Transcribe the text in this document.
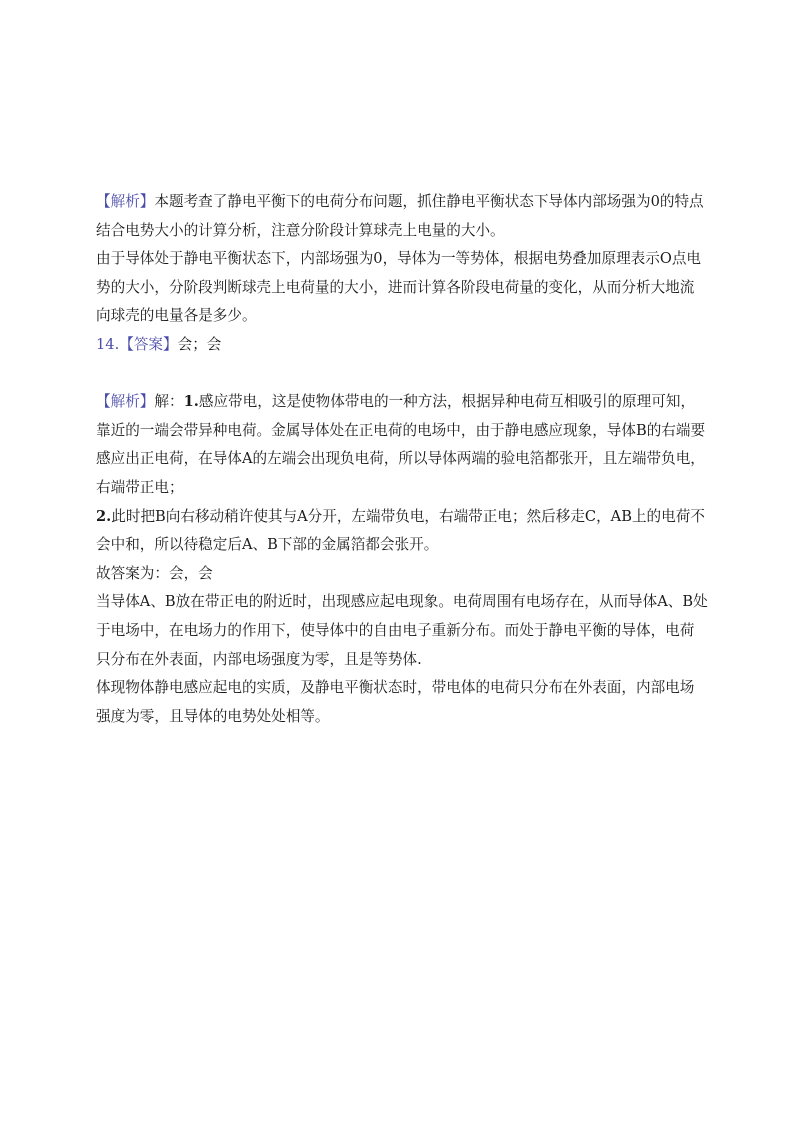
【解析】本题考查了静电平衡下的电荷分布问题，抓住静电平衡状态下导体内部场强为0的特点结合电势大小的计算分析，注意分阶段计算球壳上电量的大小。

由于导体处于静电平衡状态下，内部场强为0，导体为一等势体，根据电势叠加原理表示O点电势的大小，分阶段判断球壳上电荷量的大小，进而计算各阶段电荷量的变化，从而分析大地流向球壳的电量各是多少。

14.【答案】会；会

【解析】解：1.感应带电，这是使物体带电的一种方法，根据异种电荷互相吸引的原理可知，靠近的一端会带异种电荷。金属导体处在正电荷的电场中，由于静电感应现象，导体B的右端要感应出正电荷，在导体A的左端会出现负电荷，所以导体两端的验电箔都张开，且左端带负电，右端带正电；

2.此时把B向右移动稍许使其与A分开，左端带负电，右端带正电；然后移走C，AB上的电荷不会中和，所以待稳定后A、B下部的金属箔都会张开。

故答案为：会，会

当导体A、B放在带正电的附近时，出现感应起电现象。电荷周围有电场存在，从而导体A、B处于电场中，在电场力的作用下，使导体中的自由电子重新分布。而处于静电平衡的导体，电荷只分布在外表面，内部电场强度为零，且是等势体.

体现物体静电感应起电的实质，及静电平衡状态时，带电体的电荷只分布在外表面，内部电场强度为零，且导体的电势处处相等。
